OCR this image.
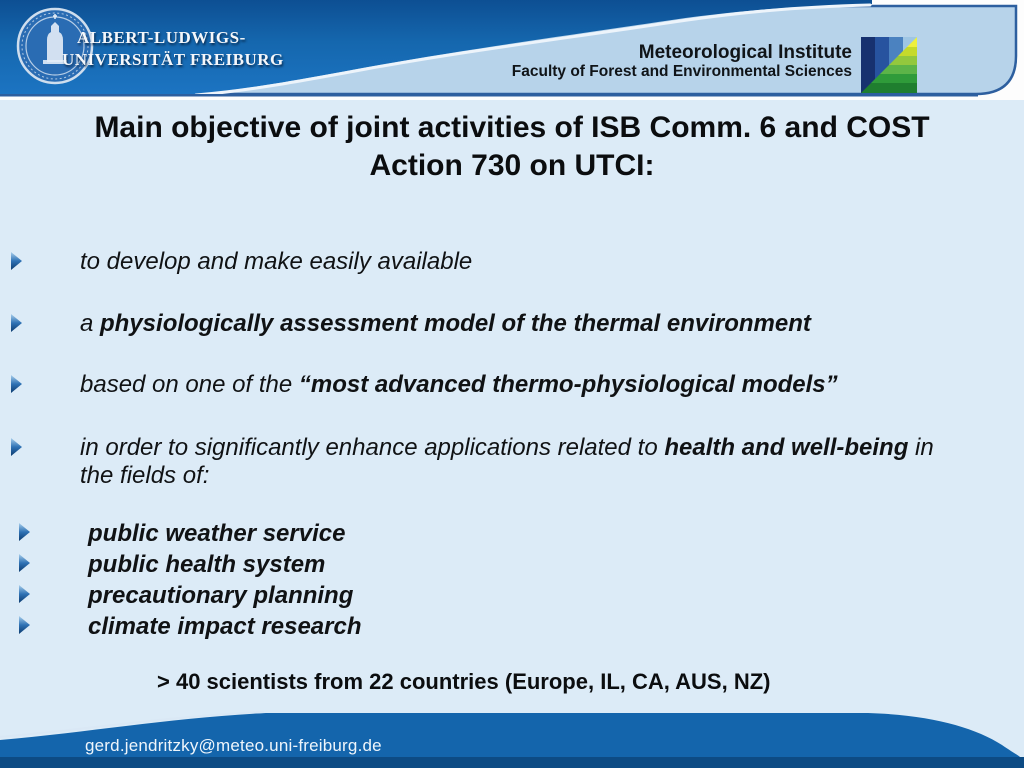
ALBERT-LUDWIGS-
UNIVERSITÄT FREIBURG	Meteorological Institute
Faculty of Forest and Environmental Sciences
Main objective of joint activities of ISB Comm. 6 and COST
Action 730 on UTCI:
to develop and make easily available
a physiologically assessment model of the thermal environment
based on one of the “most advanced thermo-physiological models”
in order to significantly enhance applications related to health and well-being in
the fields of:
public weather service
public health system
precautionary planning
climate impact research
> 40 scientists from 22 countries (Europe, IL, CA, AUS, NZ)
gerd.jendritzky@meteo.uni-freiburg.de
